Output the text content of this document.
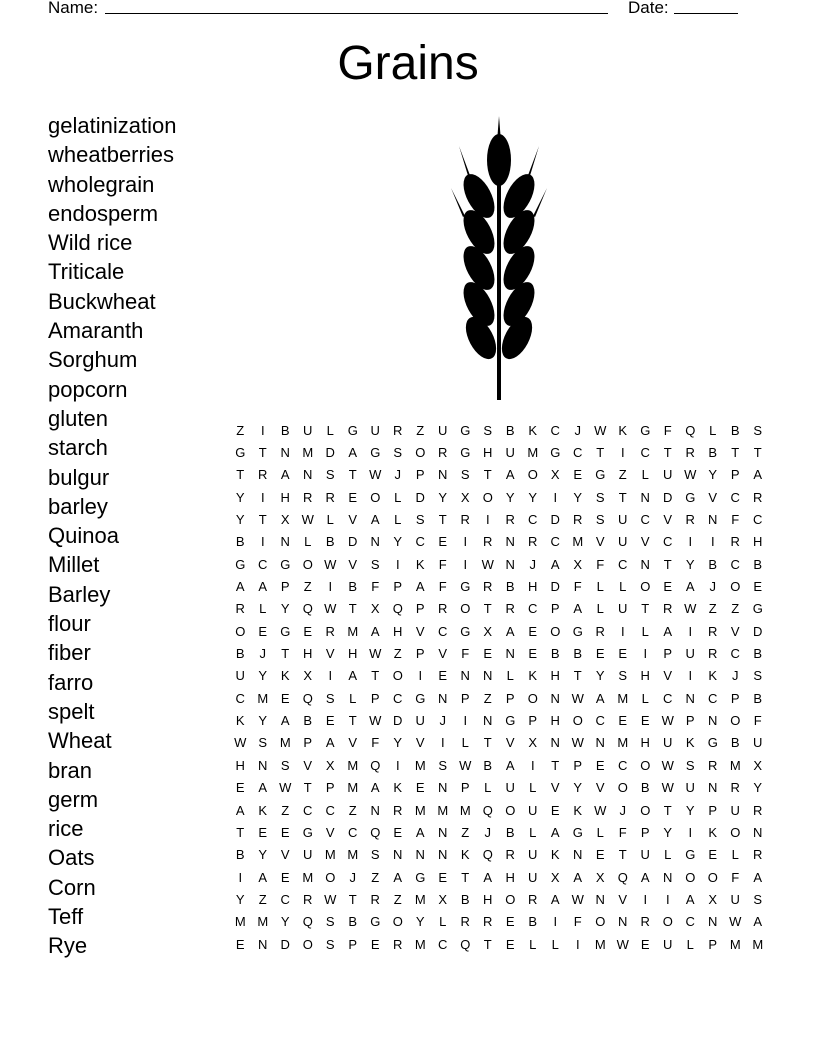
Name:	Date:
Grains
gelatinization
wheatberries
wholegrain
endosperm
Wild rice
Triticale
Buckwheat
Amaranth
Sorghum
popcorn
gluten
starch
bulgur
barley
Quinoa
Millet
Barley
flour
fiber
farro
spelt
Wheat
bran
germ
rice
Oats
Corn
Teff
Rye
Z	I	B	U	L	G	U	R	Z	U	G	S	B	K	C	J	W	K	G	F	Q	L	B	S
G	T	N	M	D	A	G	S	O	R	G	H	U	M	G	C	T	I	C	T	R	B	T	T
T	R	A	N	S	T	W	J	P	N	S	T	A	O	X	E	G	Z	L	U	W	Y	P	A
Y	I	H	R	R	E	O	L	D	Y	X	O	Y	Y	I	Y	S	T	N	D	G	V	C	R
Y	T	X	W	L	V	A	L	S	T	R	I	R	C	D	R	S	U	C	V	R	N	F	C
B	I	N	L	B	D	N	Y	C	E	I	R	N	R	C	M	V	U	V	C	I	I	R	H
G	C	G	O	W	V	S	I	K	F	I	W	N	J	A	X	F	C	N	T	Y	B	C	B
A	A	P	Z	I	B	F	P	A	F	G	R	B	H	D	F	L	L	O	E	A	J	O	E
R	L	Y	Q	W	T	X	Q	P	R	O	T	R	C	P	A	L	U	T	R	W	Z	Z	G
O	E	G	E	R	M	A	H	V	C	G	X	A	E	O	G	R	I	L	A	I	R	V	D
B	J	T	H	V	H	W	Z	P	V	F	E	N	E	B	B	E	E	I	P	U	R	C	B
U	Y	K	X	I	A	T	O	I	E	N	N	L	K	H	T	Y	S	H	V	I	K	J	S
C	M	E	Q	S	L	P	C	G	N	P	Z	P	O	N	W	A	M	L	C	N	C	P	B
K	Y	A	B	E	T	W	D	U	J	I	N	G	P	H	O	C	E	E	W	P	N	O	F
W	S	M	P	A	V	F	Y	V	I	L	T	V	X	N	W	N	M	H	U	K	G	B	U
H	N	S	V	X	M	Q	I	M	S	W	B	A	I	T	P	E	C	O	W	S	R	M	X
E	A	W	T	P	M	A	K	E	N	P	L	U	L	V	Y	V	O	B	W	U	N	R	Y
A	K	Z	C	C	Z	N	R	M	M	M	Q	O	U	E	K	W	J	O	T	Y	P	U	R
T	E	E	G	V	C	Q	E	A	N	Z	J	B	L	A	G	L	F	P	Y	I	K	O	N
B	Y	V	U	M	M	S	N	N	N	K	Q	R	U	K	N	E	T	U	L	G	E	L	R
I	A	E	M	O	J	Z	A	G	E	T	A	H	U	X	A	X	Q	A	N	O	O	F	A
Y	Z	C	R	W	T	R	Z	M	X	B	H	O	R	A	W	N	V	I	I	A	X	U	S
M	M	Y	Q	S	B	G	O	Y	L	R	R	E	B	I	F	O	N	R	O	C	N	W	A
E	N	D	O	S	P	E	R	M	C	Q	T	E	L	L	I	M	W	E	U	L	P	M	M
